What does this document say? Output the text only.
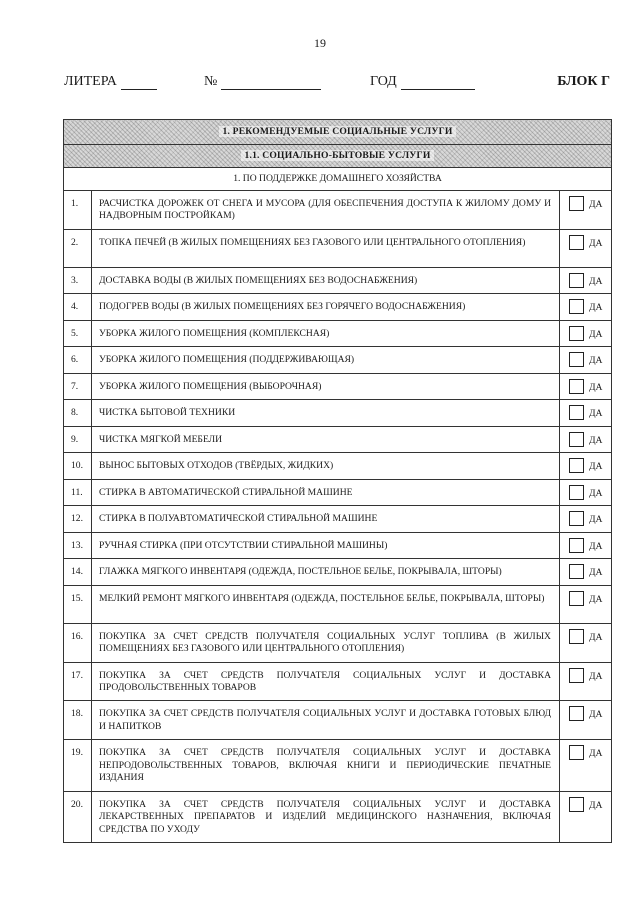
19
ЛИТЕРА	№	ГОД	БЛОК Г
1. РЕКОМЕНДУЕМЫЕ СОЦИАЛЬНЫЕ УСЛУГИ		
1.1. СОЦИАЛЬНО-БЫТОВЫЕ УСЛУГИ		
1. ПО ПОДДЕРЖКЕ ДОМАШНЕГО ХОЗЯЙСТВА		
1.	РАСЧИСТКА ДОРОЖЕК ОТ СНЕГА И МУСОРА (ДЛЯ ОБЕСПЕЧЕНИЯ ДОСТУПА К ЖИЛОМУ ДОМУ И НАДВОРНЫМ ПОСТРОЙКАМ)	ДА
2.	ТОПКА ПЕЧЕЙ (В ЖИЛЫХ ПОМЕЩЕНИЯХ БЕЗ ГАЗОВОГО ИЛИ ЦЕНТРАЛЬНОГО ОТОПЛЕНИЯ)	ДА
3.	ДОСТАВКА ВОДЫ (В ЖИЛЫХ ПОМЕЩЕНИЯХ БЕЗ ВОДОСНАБЖЕНИЯ)	ДА
4.	ПОДОГРЕВ ВОДЫ (В ЖИЛЫХ ПОМЕЩЕНИЯХ БЕЗ ГОРЯЧЕГО ВОДОСНАБЖЕНИЯ)	ДА
5.	УБОРКА ЖИЛОГО ПОМЕЩЕНИЯ (КОМПЛЕКСНАЯ)	ДА
6.	УБОРКА ЖИЛОГО ПОМЕЩЕНИЯ (ПОДДЕРЖИВАЮЩАЯ)	ДА
7.	УБОРКА ЖИЛОГО ПОМЕЩЕНИЯ (ВЫБОРОЧНАЯ)	ДА
8.	ЧИСТКА БЫТОВОЙ ТЕХНИКИ	ДА
9.	ЧИСТКА МЯГКОЙ МЕБЕЛИ	ДА
10.	ВЫНОС БЫТОВЫХ ОТХОДОВ (ТВЁРДЫХ, ЖИДКИХ)	ДА
11.	СТИРКА В АВТОМАТИЧЕСКОЙ СТИРАЛЬНОЙ МАШИНЕ	ДА
12.	СТИРКА В ПОЛУАВТОМАТИЧЕСКОЙ СТИРАЛЬНОЙ МАШИНЕ	ДА
13.	РУЧНАЯ СТИРКА (ПРИ ОТСУТСТВИИ СТИРАЛЬНОЙ МАШИНЫ)	ДА
14.	ГЛАЖКА МЯГКОГО ИНВЕНТАРЯ (ОДЕЖДА, ПОСТЕЛЬНОЕ БЕЛЬЕ, ПОКРЫВАЛА, ШТОРЫ)	ДА
15.	МЕЛКИЙ РЕМОНТ МЯГКОГО ИНВЕНТАРЯ (ОДЕЖДА, ПОСТЕЛЬНОЕ БЕЛЬЕ, ПОКРЫВАЛА, ШТОРЫ)	ДА
16.	ПОКУПКА ЗА СЧЕТ СРЕДСТВ ПОЛУЧАТЕЛЯ СОЦИАЛЬНЫХ УСЛУГ ТОПЛИВА (В ЖИЛЫХ ПОМЕЩЕНИЯХ БЕЗ ГАЗОВОГО ИЛИ ЦЕНТРАЛЬНОГО ОТОПЛЕНИЯ)	ДА
17.	ПОКУПКА ЗА СЧЕТ СРЕДСТВ ПОЛУЧАТЕЛЯ СОЦИАЛЬНЫХ УСЛУГ И ДОСТАВКА ПРОДОВОЛЬСТВЕННЫХ ТОВАРОВ	ДА
18.	ПОКУПКА ЗА СЧЕТ СРЕДСТВ ПОЛУЧАТЕЛЯ СОЦИАЛЬНЫХ УСЛУГ И ДОСТАВКА ГОТОВЫХ БЛЮД И НАПИТКОВ	ДА
19.	ПОКУПКА ЗА СЧЕТ СРЕДСТВ ПОЛУЧАТЕЛЯ СОЦИАЛЬНЫХ УСЛУГ И ДОСТАВКА НЕПРОДОВОЛЬСТВЕННЫХ ТОВАРОВ, ВКЛЮЧАЯ КНИГИ И ПЕРИОДИЧЕСКИЕ ПЕЧАТНЫЕ ИЗДАНИЯ	ДА
20.	ПОКУПКА ЗА СЧЕТ СРЕДСТВ ПОЛУЧАТЕЛЯ СОЦИАЛЬНЫХ УСЛУГ И ДОСТАВКА ЛЕКАРСТВЕННЫХ ПРЕПАРАТОВ И ИЗДЕЛИЙ МЕДИЦИНСКОГО НАЗНАЧЕНИЯ, ВКЛЮЧАЯ СРЕДСТВА ПО УХОДУ	ДА
